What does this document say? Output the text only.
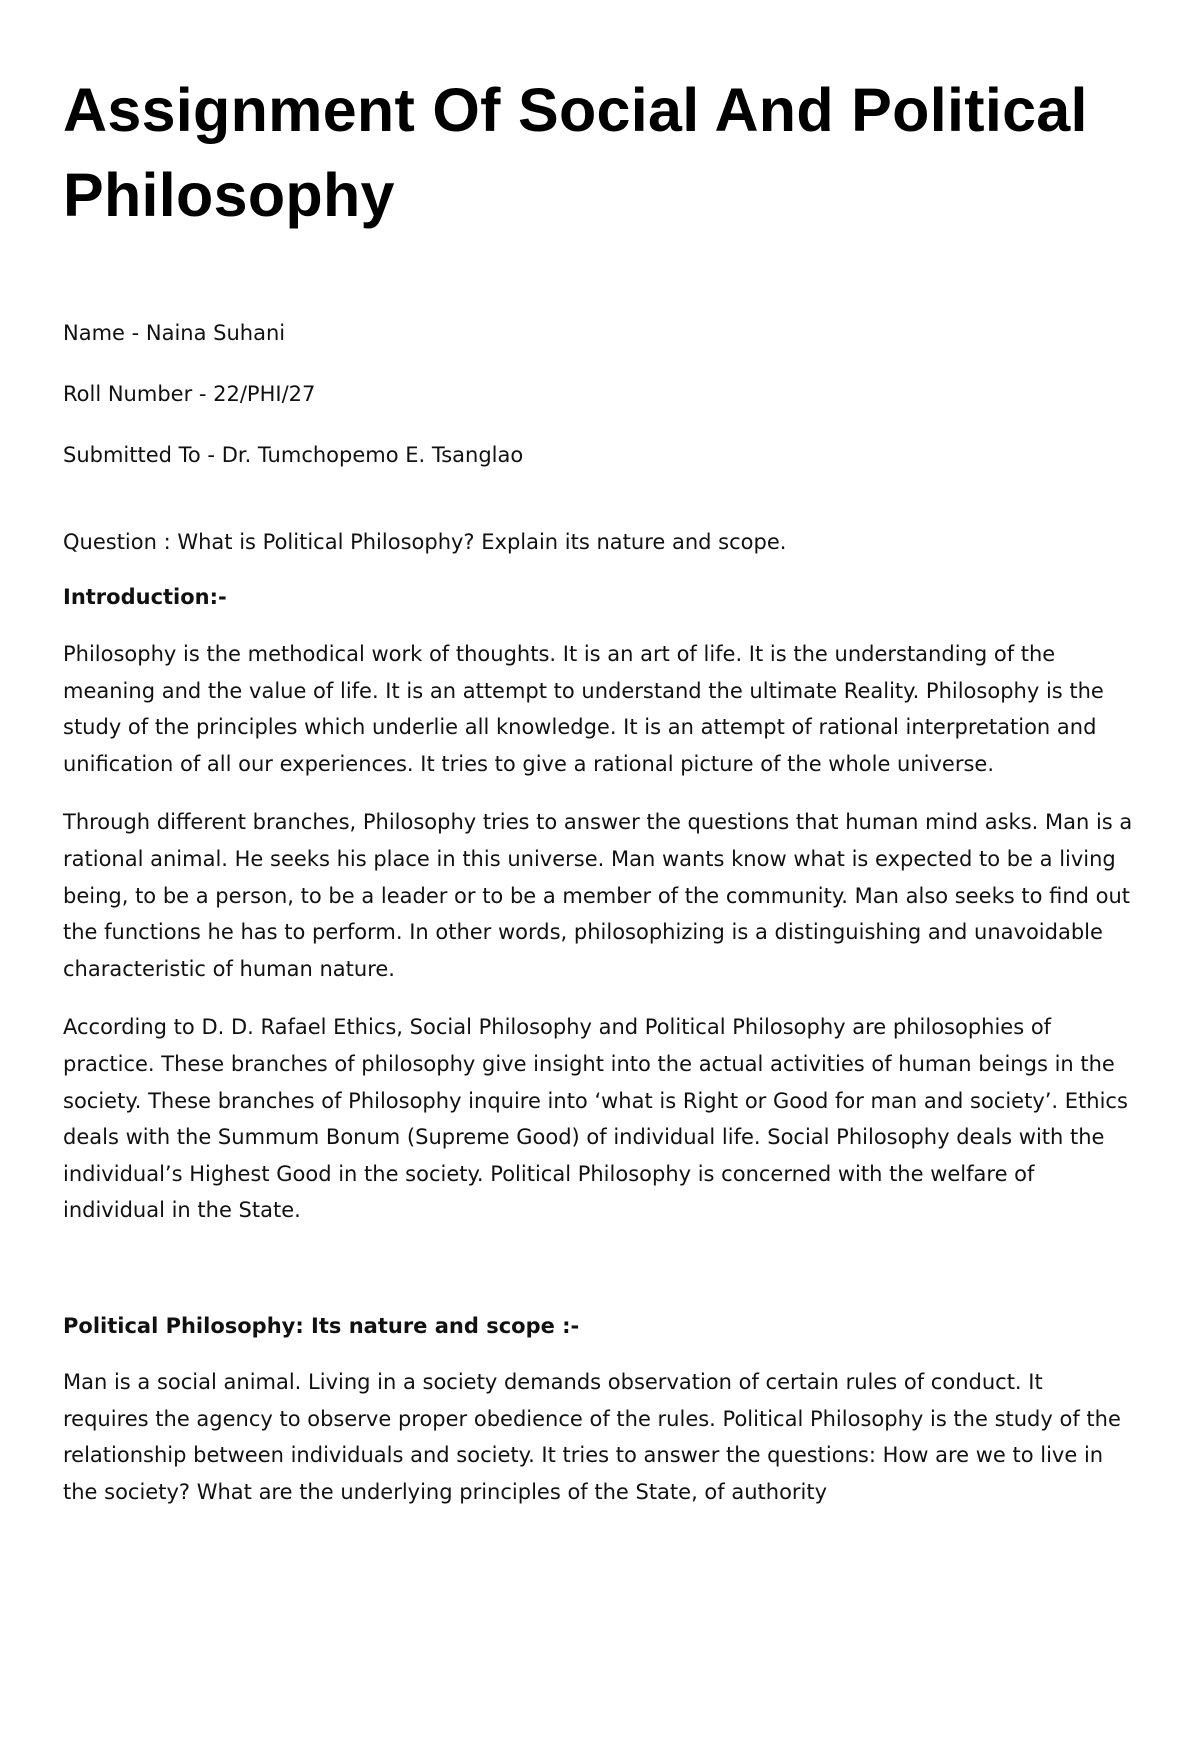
Assignment Of Social And Political Philosophy

Name - Naina Suhani

Roll Number - 22/PHI/27

Submitted To - Dr. Tumchopemo E. Tsanglao

Question : What is Political Philosophy? Explain its nature and scope.

Introduction:-

Philosophy is the methodical work of thoughts. It is an art of life. It is the understanding of the meaning and the value of life. It is an attempt to understand the ultimate Reality. Philosophy is the study of the principles which underlie all knowledge. It is an attempt of rational interpretation and unification of all our experiences. It tries to give a rational picture of the whole universe.

Through different branches, Philosophy tries to answer the questions that human mind asks. Man is a rational animal. He seeks his place in this universe. Man wants know what is expected to be a living being, to be a person, to be a leader or to be a member of the community. Man also seeks to find out the functions he has to perform. In other words, philosophizing is a distinguishing and unavoidable characteristic of human nature.

According to D. D. Rafael Ethics, Social Philosophy and Political Philosophy are philosophies of practice. These branches of philosophy give insight into the actual activities of human beings in the society. These branches of Philosophy inquire into ‘what is Right or Good for man and society’. Ethics deals with the Summum Bonum (Supreme Good) of individual life. Social Philosophy deals with the individual’s Highest Good in the society. Political Philosophy is concerned with the welfare of individual in the State.

Political Philosophy: Its nature and scope :-

Man is a social animal. Living in a society demands observation of certain rules of conduct. It requires the agency to observe proper obedience of the rules. Political Philosophy is the study of the relationship between individuals and society. It tries to answer the questions: How are we to live in the society? What are the underlying principles of the State, of authority
